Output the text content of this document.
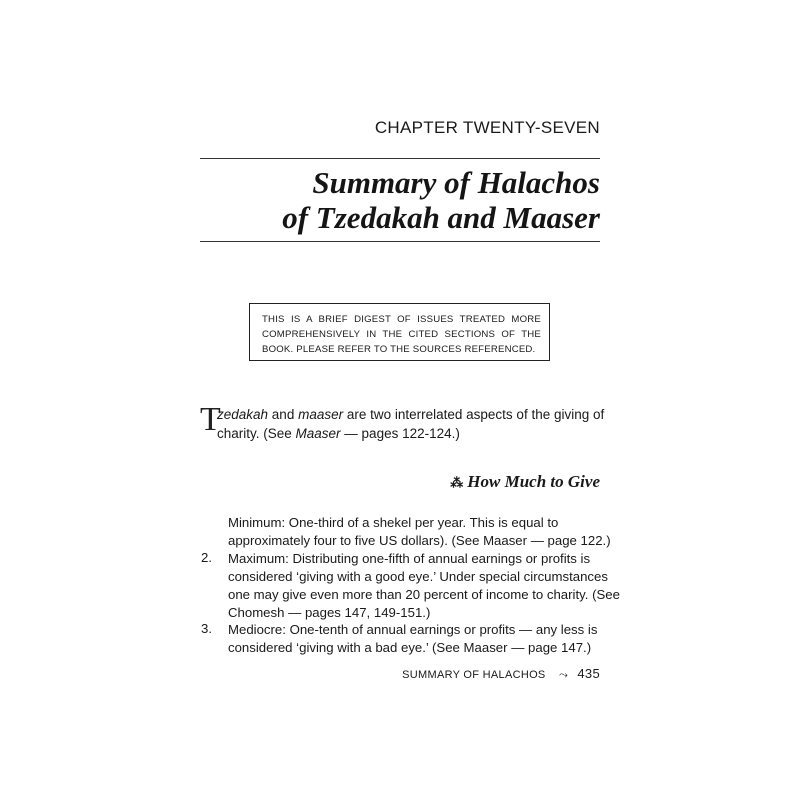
CHAPTER TWENTY-SEVEN
Summary of Halachos
of Tzedakah and Maaser
THIS IS A BRIEF DIGEST OF ISSUES TREATED MORE
COMPREHENSIVELY IN THE CITED SECTIONS OF THE
BOOK. PLEASE REFER TO THE SOURCES REFERENCED.
T
zedakah and maaser are two interrelated aspects of the giving of
charity. (See Maaser — pages 122-124.)
⁂ How Much to Give
Minimum: One-third of a shekel per year. This is equal to
approximately four to five US dollars). (See Maaser — page 122.)
2. Maximum: Distributing one-fifth of annual earnings or profits is
considered ‘giving with a good eye.’ Under special circumstances
one may give even more than 20 percent of income to charity. (See
Chomesh — pages 147, 149-151.)
3. Mediocre: One-tenth of annual earnings or profits — any less is
considered ‘giving with a bad eye.’ (See Maaser — page 147.)
SUMMARY OF HALACHOS ⤳ 435
